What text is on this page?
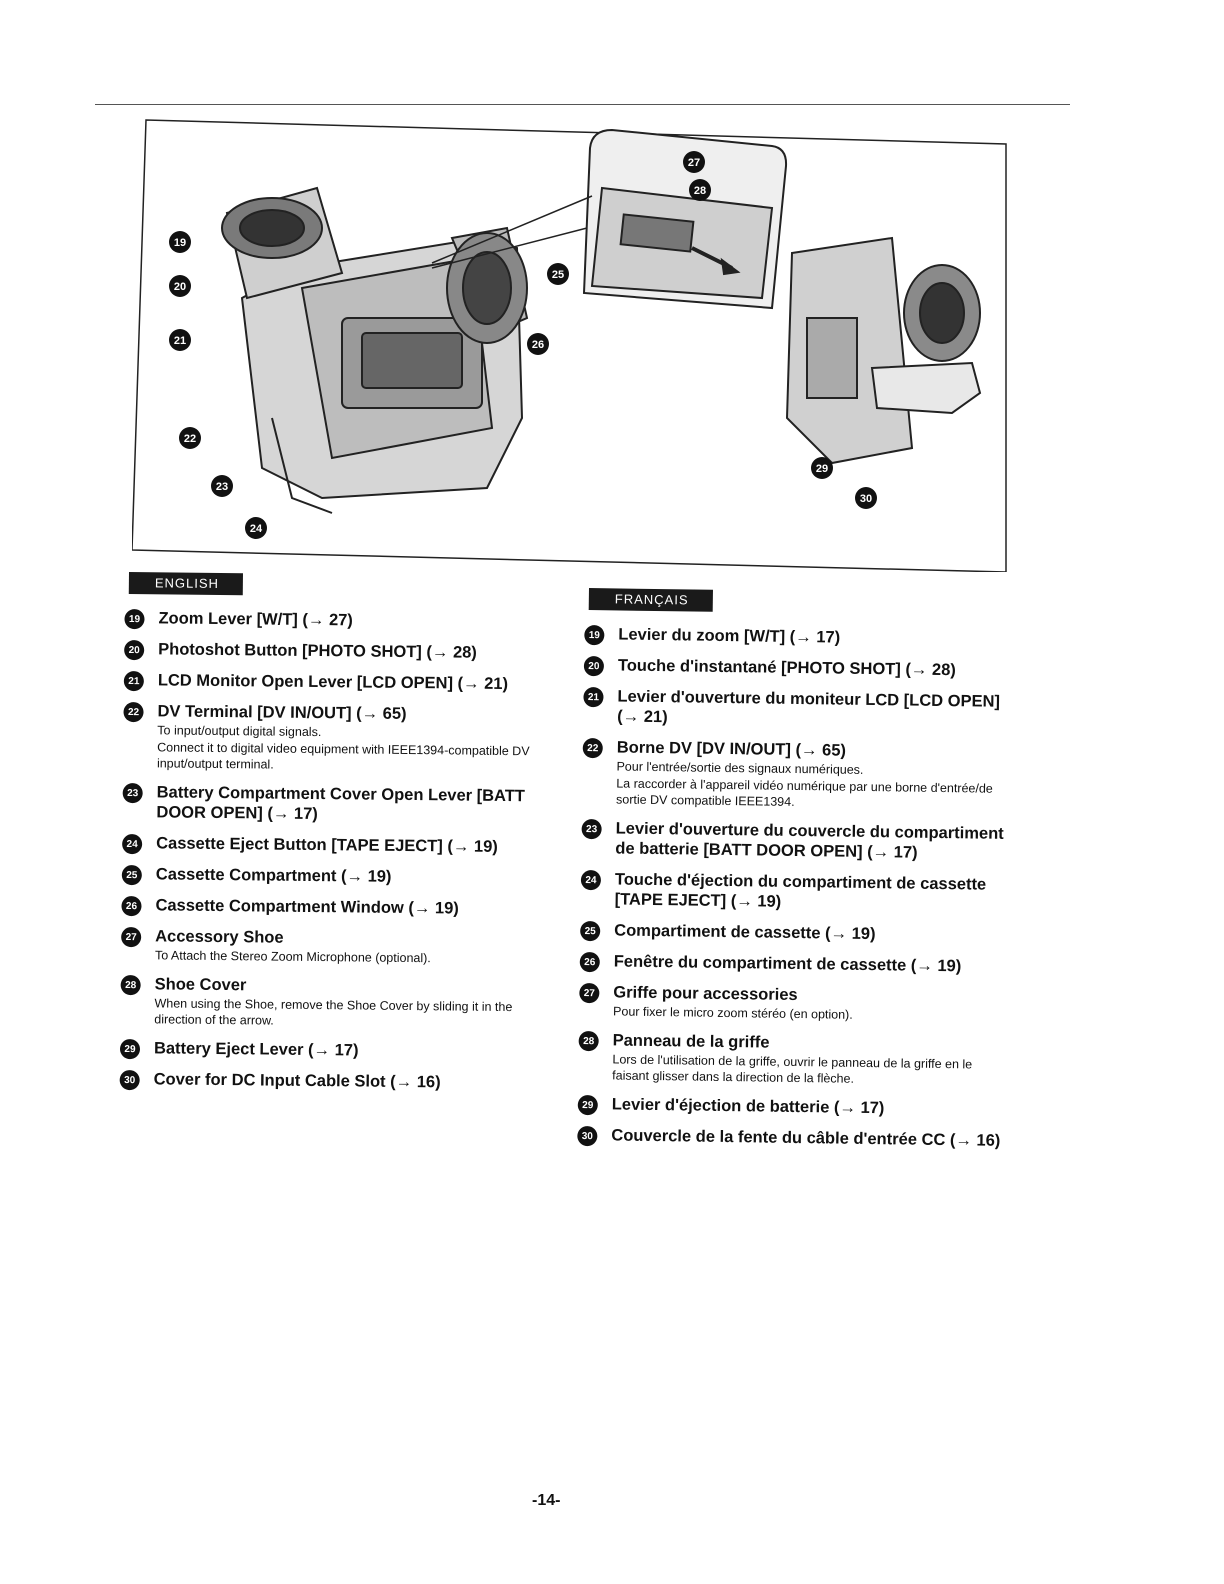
19
20
21
22
23
24
25
26
27
28
29
30
ENGLISH
19 Zoom Lever [W/T] (→ 27)
20 Photoshot Button [PHOTO SHOT] (→ 28)
21 LCD Monitor Open Lever [LCD OPEN] (→ 21)
22 DV Terminal [DV IN/OUT] (→ 65)
To input/output digital signals.
Connect it to digital video equipment with IEEE1394-compatible DV input/output terminal.
23 Battery Compartment Cover Open Lever [BATT DOOR OPEN] (→ 17)
24 Cassette Eject Button [TAPE EJECT] (→ 19)
25 Cassette Compartment (→ 19)
26 Cassette Compartment Window (→ 19)
27 Accessory Shoe
To Attach the Stereo Zoom Microphone (optional).
28 Shoe Cover
When using the Shoe, remove the Shoe Cover by sliding it in the direction of the arrow.
29 Battery Eject Lever (→ 17)
30 Cover for DC Input Cable Slot (→ 16)
FRANÇAIS
19 Levier du zoom [W/T] (→ 17)
20 Touche d'instantané [PHOTO SHOT] (→ 28)
21 Levier d'ouverture du moniteur LCD [LCD OPEN] (→ 21)
22 Borne DV [DV IN/OUT] (→ 65)
Pour l'entrée/sortie des signaux numériques.
La raccorder à l'appareil vidéo numérique par une borne d'entrée/de sortie DV compatible IEEE1394.
23 Levier d'ouverture du couvercle du compartiment de batterie [BATT DOOR OPEN] (→ 17)
24 Touche d'éjection du compartiment de cassette [TAPE EJECT] (→ 19)
25 Compartiment de cassette (→ 19)
26 Fenêtre du compartiment de cassette (→ 19)
27 Griffe pour accessories
Pour fixer le micro zoom stéréo (en option).
28 Panneau de la griffe
Lors de l'utilisation de la griffe, ouvrir le panneau de la griffe en le faisant glisser dans la direction de la flèche.
29 Levier d'éjection de batterie (→ 17)
30 Couvercle de la fente du câble d'entrée CC (→ 16)
-14-
